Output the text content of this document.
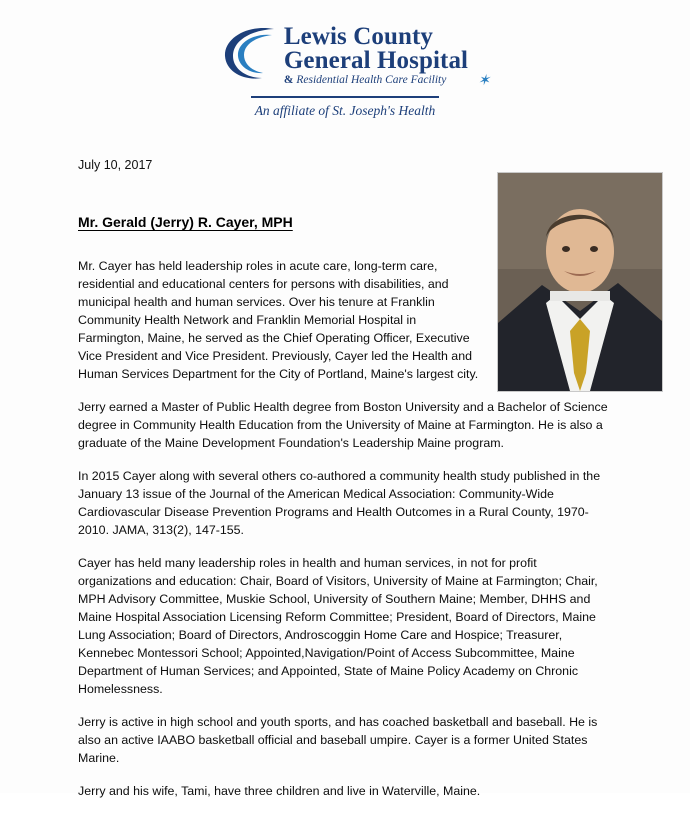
Lewis County
General Hospital
& Residential Health Care Facility ✶
An affiliate of St. Joseph's Health
July 10, 2017
Mr. Gerald (Jerry) R. Cayer, MPH

Mr. Cayer has held leadership roles in acute care, long-term care, residential and educational centers for persons with disabilities, and municipal health and human services. Over his tenure at Franklin Community Health Network and Franklin Memorial Hospital in Farmington, Maine, he served as the Chief Operating Officer, Executive Vice President and Vice President. Previously, Cayer led the Health and Human Services Department for the City of Portland, Maine's largest city.

Jerry earned a Master of Public Health degree from Boston University and a Bachelor of Science degree in Community Health Education from the University of Maine at Farmington. He is also a graduate of the Maine Development Foundation's Leadership Maine program.

In 2015 Cayer along with several others co-authored a community health study published in the January 13 issue of the Journal of the American Medical Association: Community-Wide Cardiovascular Disease Prevention Programs and Health Outcomes in a Rural County, 1970-2010. JAMA, 313(2), 147-155.

Cayer has held many leadership roles in health and human services, in not for profit organizations and education: Chair, Board of Visitors, University of Maine at Farmington; Chair, MPH Advisory Committee, Muskie School, University of Southern Maine; Member, DHHS and Maine Hospital Association Licensing Reform Committee; President, Board of Directors, Maine Lung Association; Board of Directors, Androscoggin Home Care and Hospice; Treasurer, Kennebec Montessori School; Appointed,Navigation/Point of Access Subcommittee, Maine Department of Human Services; and Appointed, State of Maine Policy Academy on Chronic Homelessness.

Jerry is active in high school and youth sports, and has coached basketball and baseball. He is also an active IAABO basketball official and baseball umpire. Cayer is a former United States Marine.

Jerry and his wife, Tami, have three children and live in Waterville, Maine.
